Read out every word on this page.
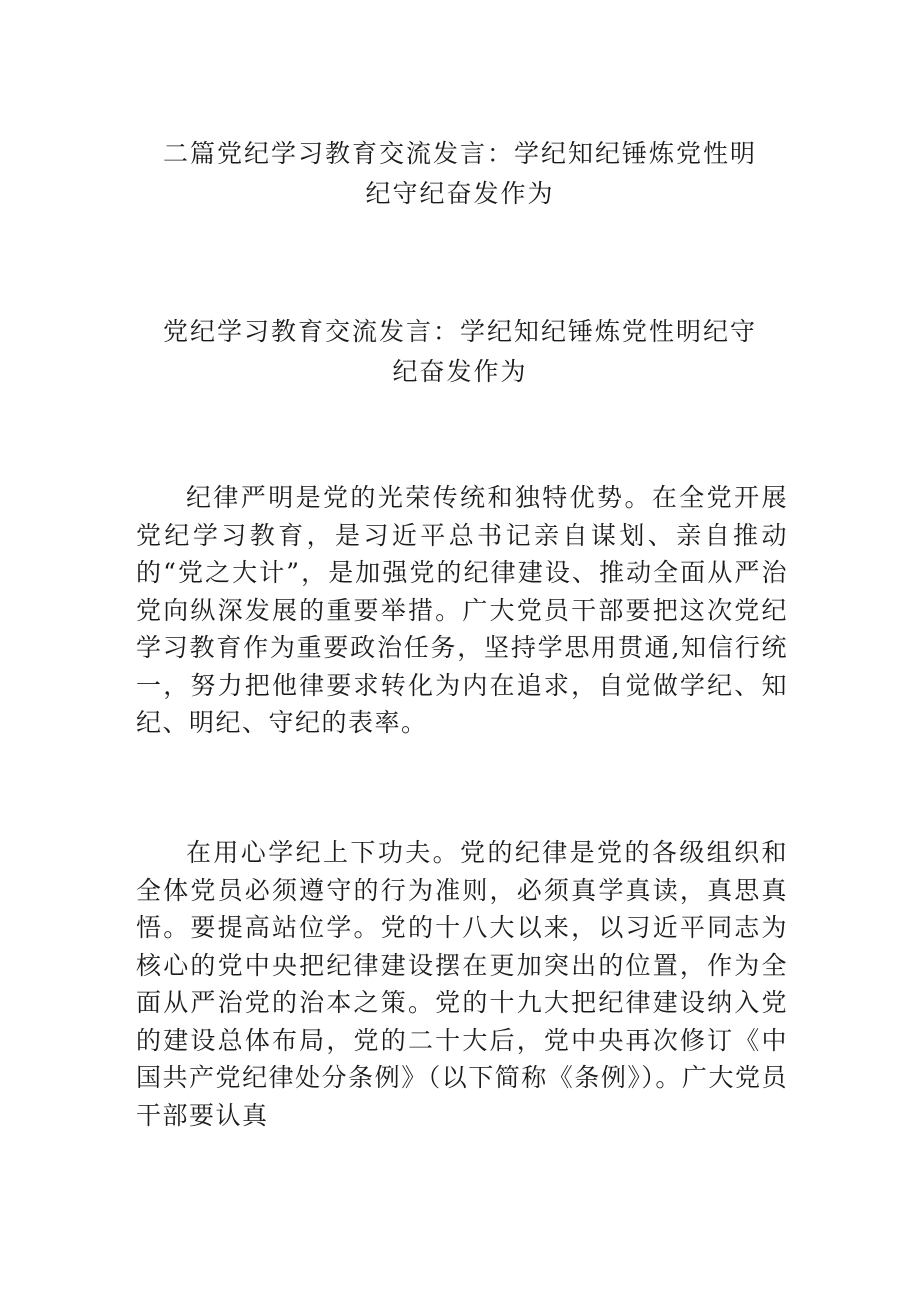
二篇党纪学习教育交流发言：学纪知纪锤炼党性明
纪守纪奋发作为
党纪学习教育交流发言：学纪知纪锤炼党性明纪守
纪奋发作为

纪律严明是党的光荣传统和独特优势。在全党开展党纪学习教育，是习近平总书记亲自谋划、亲自推动的“党之大计”，是加强党的纪律建设、推动全面从严治党向纵深发展的重要举措。广大党员干部要把这次党纪学习教育作为重要政治任务，坚持学思用贯通,知信行统一，努力把他律要求转化为内在追求，自觉做学纪、知纪、明纪、守纪的表率。

在用心学纪上下功夫。党的纪律是党的各级组织和全体党员必须遵守的行为准则，必须真学真读，真思真悟。要提高站位学。党的十八大以来，以习近平同志为核心的党中央把纪律建设摆在更加突出的位置，作为全面从严治党的治本之策。党的十九大把纪律建设纳入党的建设总体布局，党的二十大后，党中央再次修订《中国共产党纪律处分条例》（以下简称《条例》）。广大党员干部要认真
